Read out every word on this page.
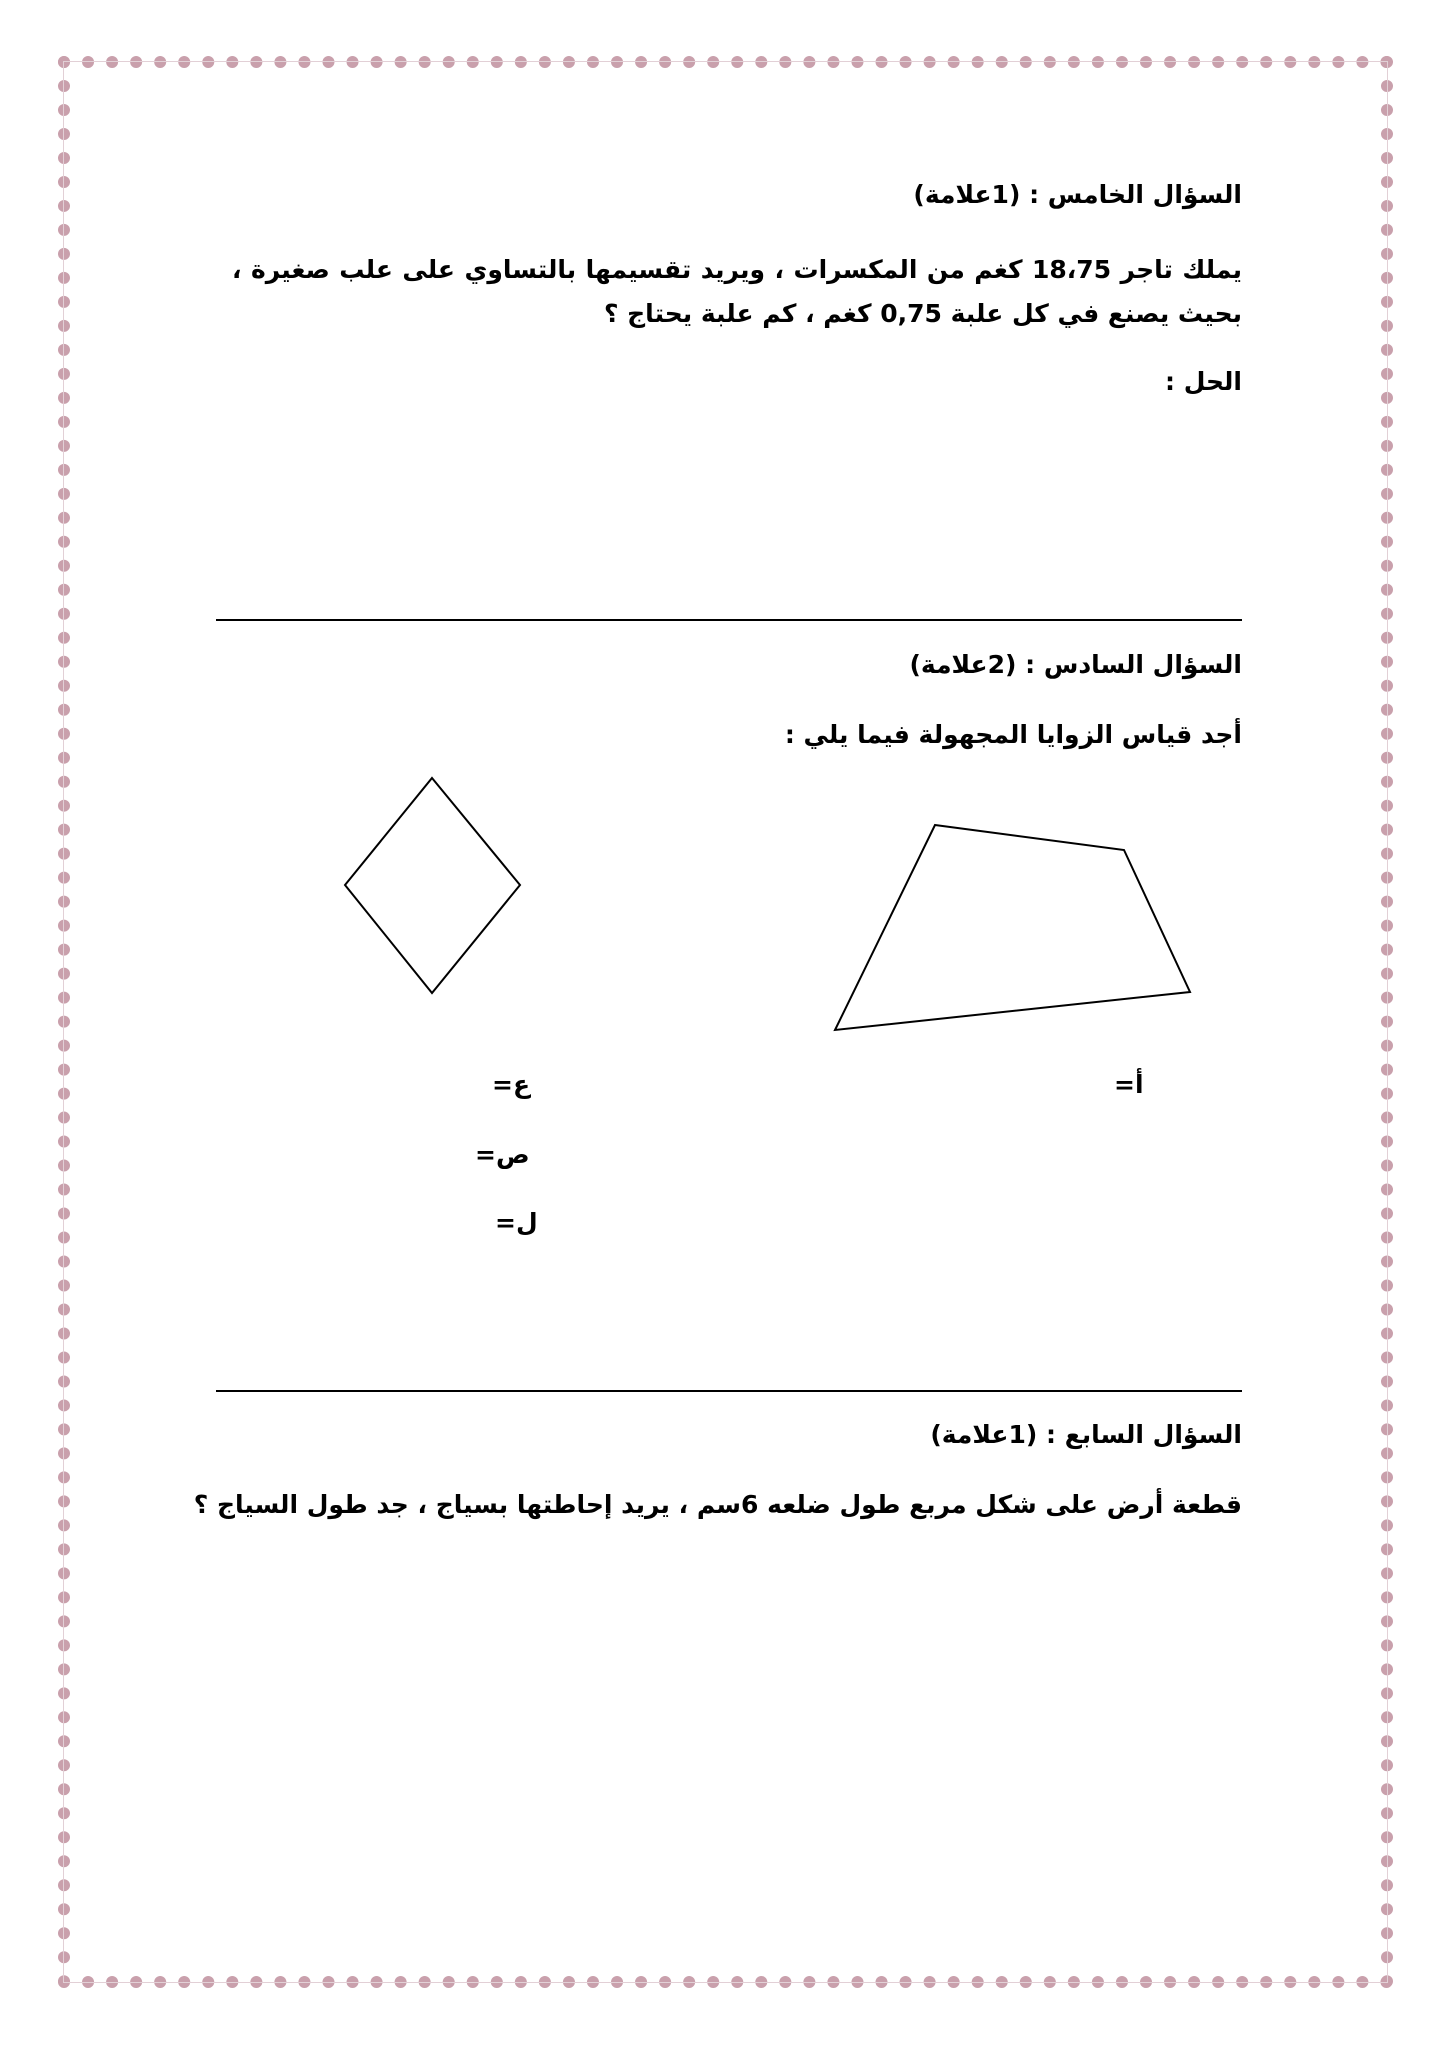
السؤال الخامس : (1علامة)
يملك تاجر 18،75 كغم من المكسرات ، ويريد تقسيمها بالتساوي على علب صغيرة ، بحيث يصنع في كل علبة 0,75 كغم ، كم علبة يحتاج ؟
الحل :
السؤال السادس : (2علامة)
أجد قياس الزوايا المجهولة فيما يلي :
أ=
ع=
ص=
ل=
السؤال السابع : (1علامة)
قطعة أرض على شكل مربع طول ضلعه 6سم ، يريد إحاطتها بسياج ، جد طول السياج ؟
